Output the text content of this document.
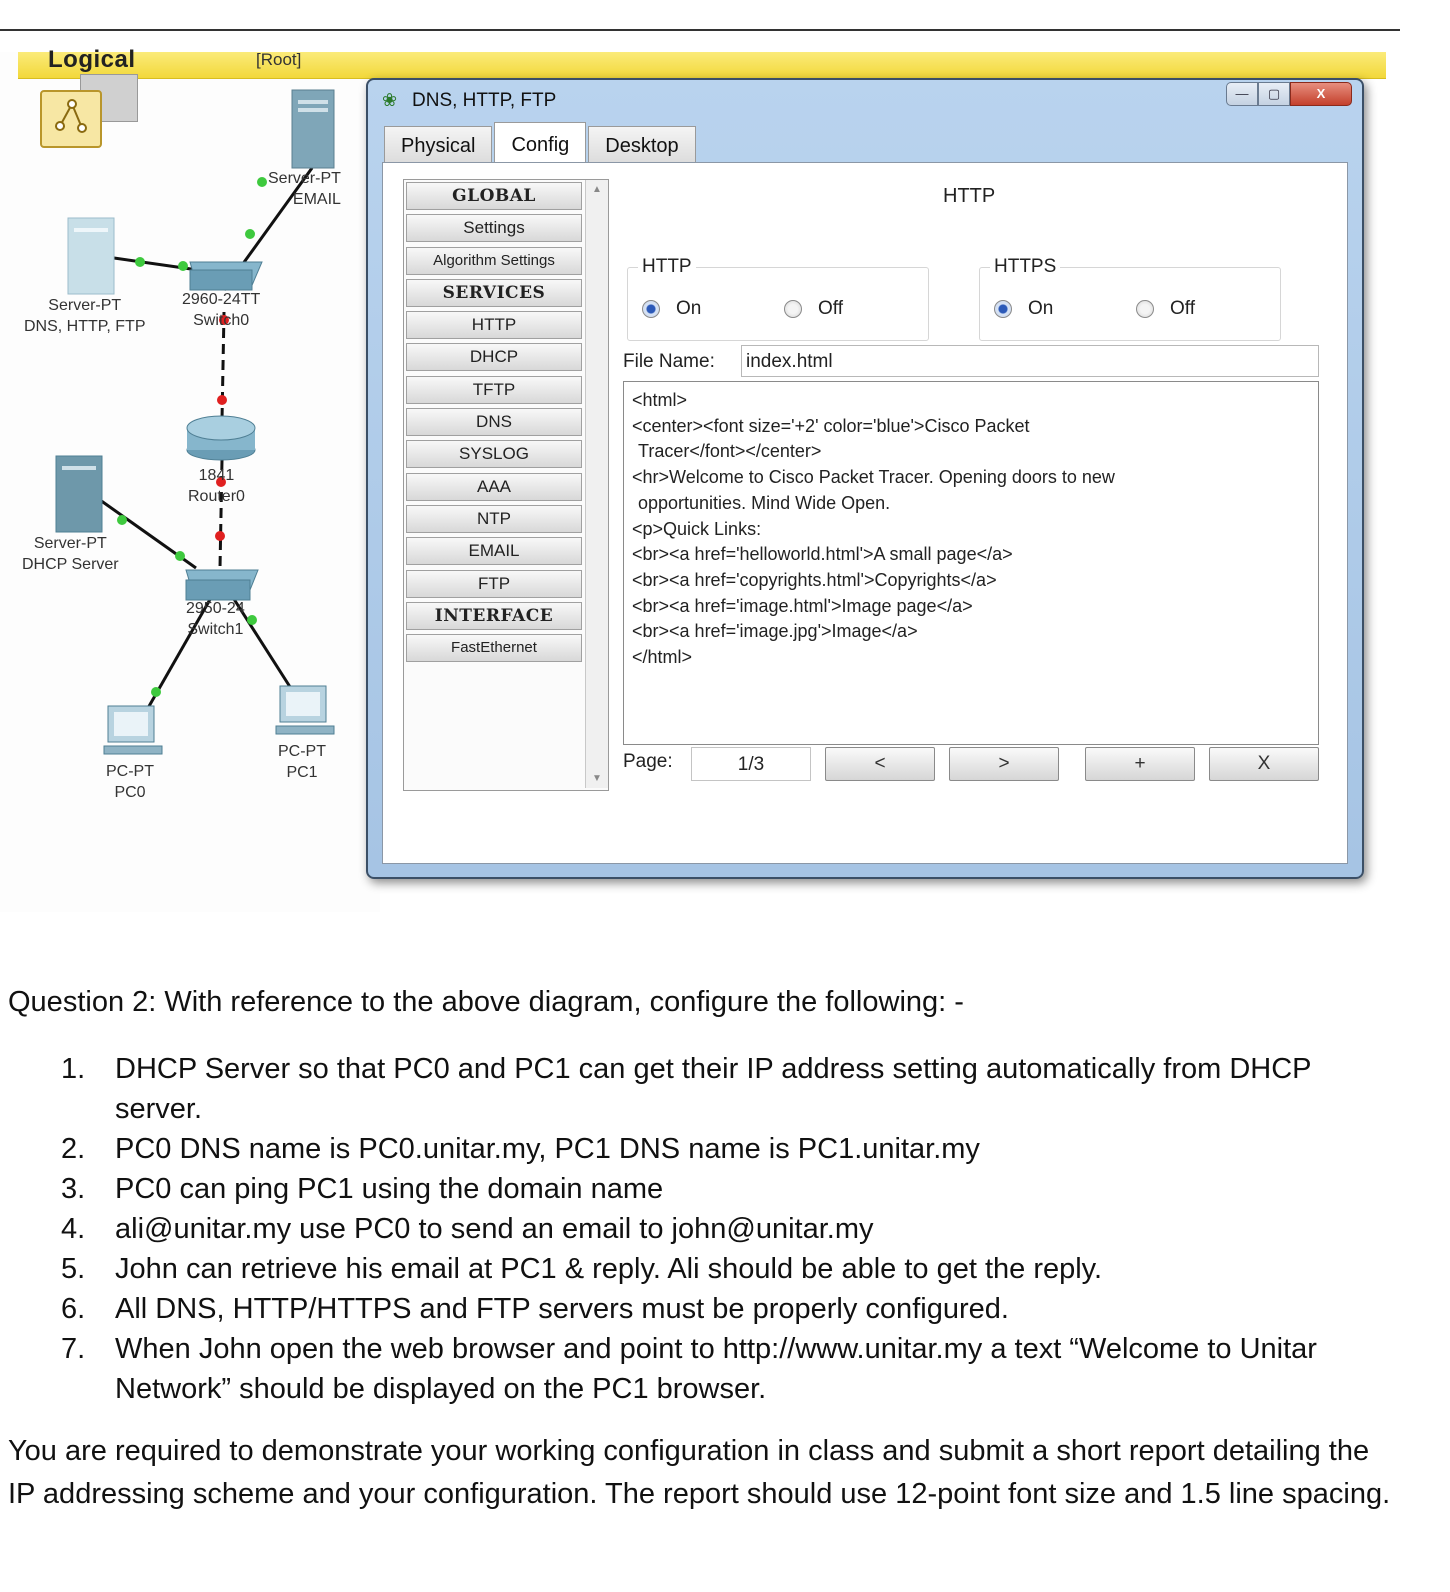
Logical	[Root]
Server-PT
EMAIL
Server-PT
DNS, HTTP, FTP
2960-24TT
Switch0
1841
Router0
Server-PT
DHCP Server
2950-24
Switch1
PC-PT
PC0
PC-PT
PC1
❀ DNS, HTTP, FTP	—	▢	X
Physical	Config	Desktop
GLOBAL
Settings
Algorithm Settings
SERVICES
HTTP
DHCP
TFTP
DNS
SYSLOG
AAA
NTP
EMAIL
FTP
INTERFACE
FastEthernet
▲
▼
HTTP
HTTP
On	Off
HTTPS
On	Off
File Name: index.html
<html>
<center><font size='+2' color='blue'>Cisco Packet
Tracer</font></center>
<hr>Welcome to Cisco Packet Tracer. Opening doors to new
opportunities. Mind Wide Open.
<p>Quick Links:
<br><a href='helloworld.html'>A small page</a>
<br><a href='copyrights.html'>Copyrights</a>
<br><a href='image.html'>Image page</a>
<br><a href='image.jpg'>Image</a>
</html>
Page:	1/3	<	>	+	X
Question 2: With reference to the above diagram, configure the following: -
1. DHCP Server so that PC0 and PC1 can get their IP address setting automatically from DHCP server.
2. PC0 DNS name is PC0.unitar.my, PC1 DNS name is PC1.unitar.my
3. PC0 can ping PC1 using the domain name
4. ali@unitar.my use PC0 to send an email to john@unitar.my
5. John can retrieve his email at PC1 & reply. Ali should be able to get the reply.
6. All DNS, HTTP/HTTPS and FTP servers must be properly configured.
7. When John open the web browser and point to http://www.unitar.my a text “Welcome to Unitar Network” should be displayed on the PC1 browser.
You are required to demonstrate your working configuration in class and submit a short report detailing the IP addressing scheme and your configuration. The report should use 12-point font size and 1.5 line spacing.
